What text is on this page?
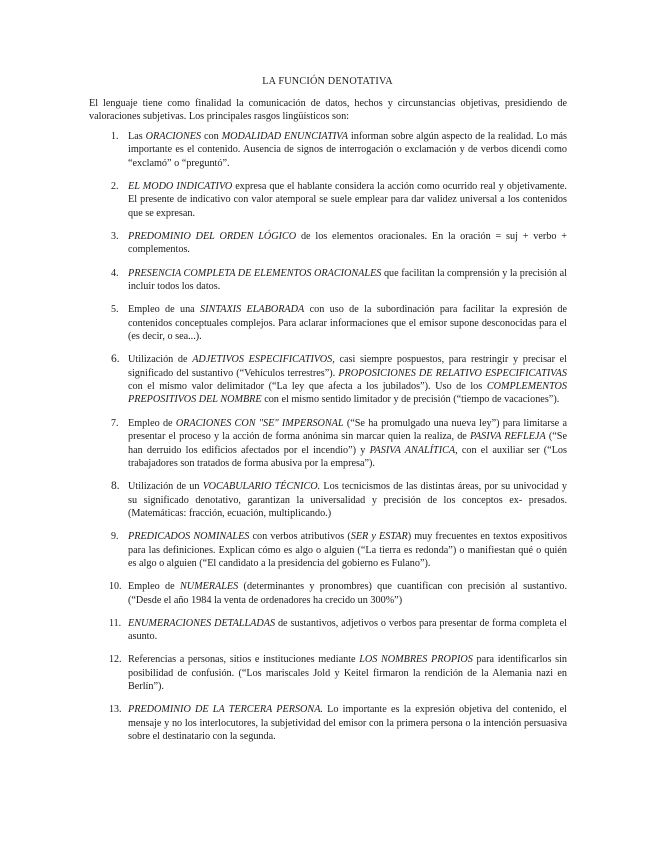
LA FUNCIÓN DENOTATIVA

El lenguaje tiene como finalidad la comunicación de datos, hechos y circunstancias objetivas, presidiendo de valoraciones subjetivas. Los principales rasgos lingüísticos son:

1. Las ORACIONES con MODALIDAD ENUNCIATIVA informan sobre algún aspecto de la realidad. Lo más importante es el contenido. Ausencia de signos de interrogación o exclamación y de verbos dicendi como “exclamó” o “preguntó”.
2. EL MODO INDICATIVO expresa que el hablante considera la acción como ocurrido real y objetivamente. El presente de indicativo con valor atemporal se suele emplear para dar validez universal a los contenidos que se expresan.
3. PREDOMINIO DEL ORDEN LÓGICO de los elementos oracionales. En la oración = suj + verbo + complementos.
4. PRESENCIA COMPLETA DE ELEMENTOS ORACIONALES que facilitan la comprensión y la precisión al incluir todos los datos.
5. Empleo de una SINTAXIS ELABORADA con uso de la subordinación para facilitar la expresión de contenidos conceptuales complejos. Para aclarar informaciones que el emisor supone desconocidas para el (es decir, o sea...).
6. Utilización de ADJETIVOS ESPECIFICATIVOS, casi siempre pospuestos, para restringir y precisar el significado del sustantivo (“Vehículos terrestres”). PROPOSICIONES DE RELATIVO ESPECIFICATIVAS con el mismo valor delimitador (“La ley que afecta a los jubilados”). Uso de los COMPLEMENTOS PREPOSITIVOS DEL NOMBRE con el mismo sentido limitador y de precisión (“tiempo de vacaciones”).
7. Empleo de ORACIONES CON "SE" IMPERSONAL (“Se ha promulgado una nueva ley”) para limitarse a presentar el proceso y la acción de forma anónima sin marcar quien la realiza, de PASIVA REFLEJA (“Se han derruido los edificios afectados por el incendio”) y PASIVA ANALÍTICA, con el auxiliar ser (“Los trabajadores son tratados de forma abusiva por la empresa”).
8. Utilización de un VOCABULARIO TÉCNICO. Los tecnicismos de las distintas áreas, por su univocidad y su significado denotativo, garantizan la universalidad y precisión de los conceptos ex- presados. (Matemáticas: fracción, ecuación, multiplicando.)
9. PREDICADOS NOMINALES con verbos atributivos (SER y ESTAR) muy frecuentes en textos expositivos para las definiciones. Explican cómo es algo o alguien (“La tierra es redonda”) o manifiestan qué o quién es algo o alguien (“El candidato a la presidencia del gobierno es Fulano”).
10. Empleo de NUMERALES (determinantes y pronombres) que cuantifican con precisión al sustantivo. (“Desde el año 1984 la venta de ordenadores ha crecido un 300%”)
11. ENUMERACIONES DETALLADAS de sustantivos, adjetivos o verbos para presentar de forma completa el asunto.
12. Referencias a personas, sitios e instituciones mediante LOS NOMBRES PROPIOS para identificarlos sin posibilidad de confusión. (“Los mariscales Jold y Keitel firmaron la rendición de la Alemania nazi en Berlín”).
13. PREDOMINIO DE LA TERCERA PERSONA. Lo importante es la expresión objetiva del contenido, el mensaje y no los interlocutores, la subjetividad del emisor con la primera persona o la intención persuasiva sobre el destinatario con la segunda.
